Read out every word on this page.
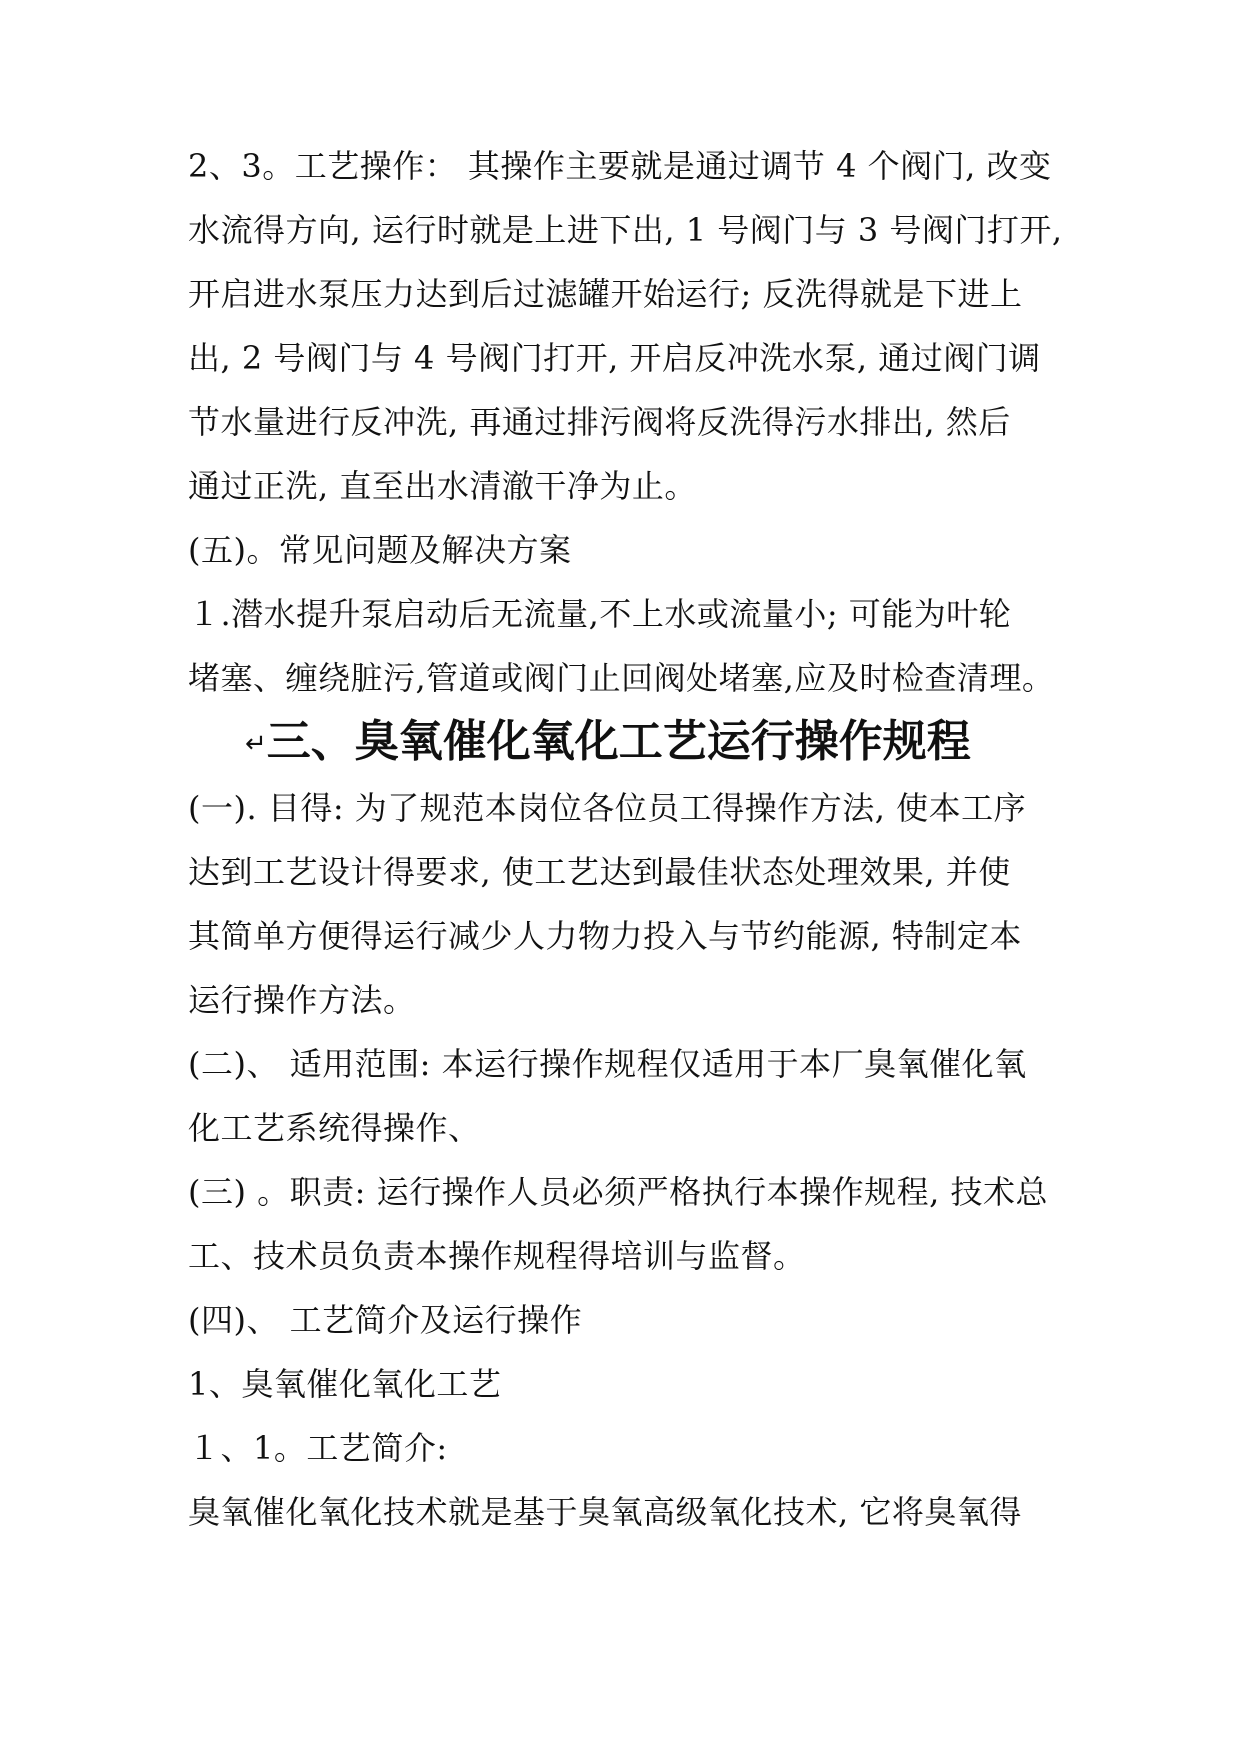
2、3。工艺操作： 其操作主要就是通过调节 4 个阀门, 改变
水流得方向, 运行时就是上进下出, 1 号阀门与 3 号阀门打开,
开启进水泵压力达到后过滤罐开始运行; 反洗得就是下进上
出, 2 号阀门与 4 号阀门打开, 开启反冲洗水泵, 通过阀门调
节水量进行反冲洗, 再通过排污阀将反洗得污水排出, 然后
通过正洗, 直至出水清澈干净为止。
(五)。常见问题及解决方案
１.潜水提升泵启动后无流量,不上水或流量小; 可能为叶轮
堵塞、缠绕脏污,管道或阀门止回阀处堵塞,应及时检查清理。
↵三、臭氧催化氧化工艺运行操作规程
(一). 目得: 为了规范本岗位各位员工得操作方法, 使本工序
达到工艺设计得要求, 使工艺达到最佳状态处理效果, 并使
其简单方便得运行减少人力物力投入与节约能源, 特制定本
运行操作方法。
(二)、 适用范围: 本运行操作规程仅适用于本厂臭氧催化氧
化工艺系统得操作、
(三) 。职责: 运行操作人员必须严格执行本操作规程, 技术总
工、技术员负责本操作规程得培训与监督。
(四)、 工艺简介及运行操作
1、臭氧催化氧化工艺
１、1。工艺简介:
臭氧催化氧化技术就是基于臭氧高级氧化技术, 它将臭氧得
